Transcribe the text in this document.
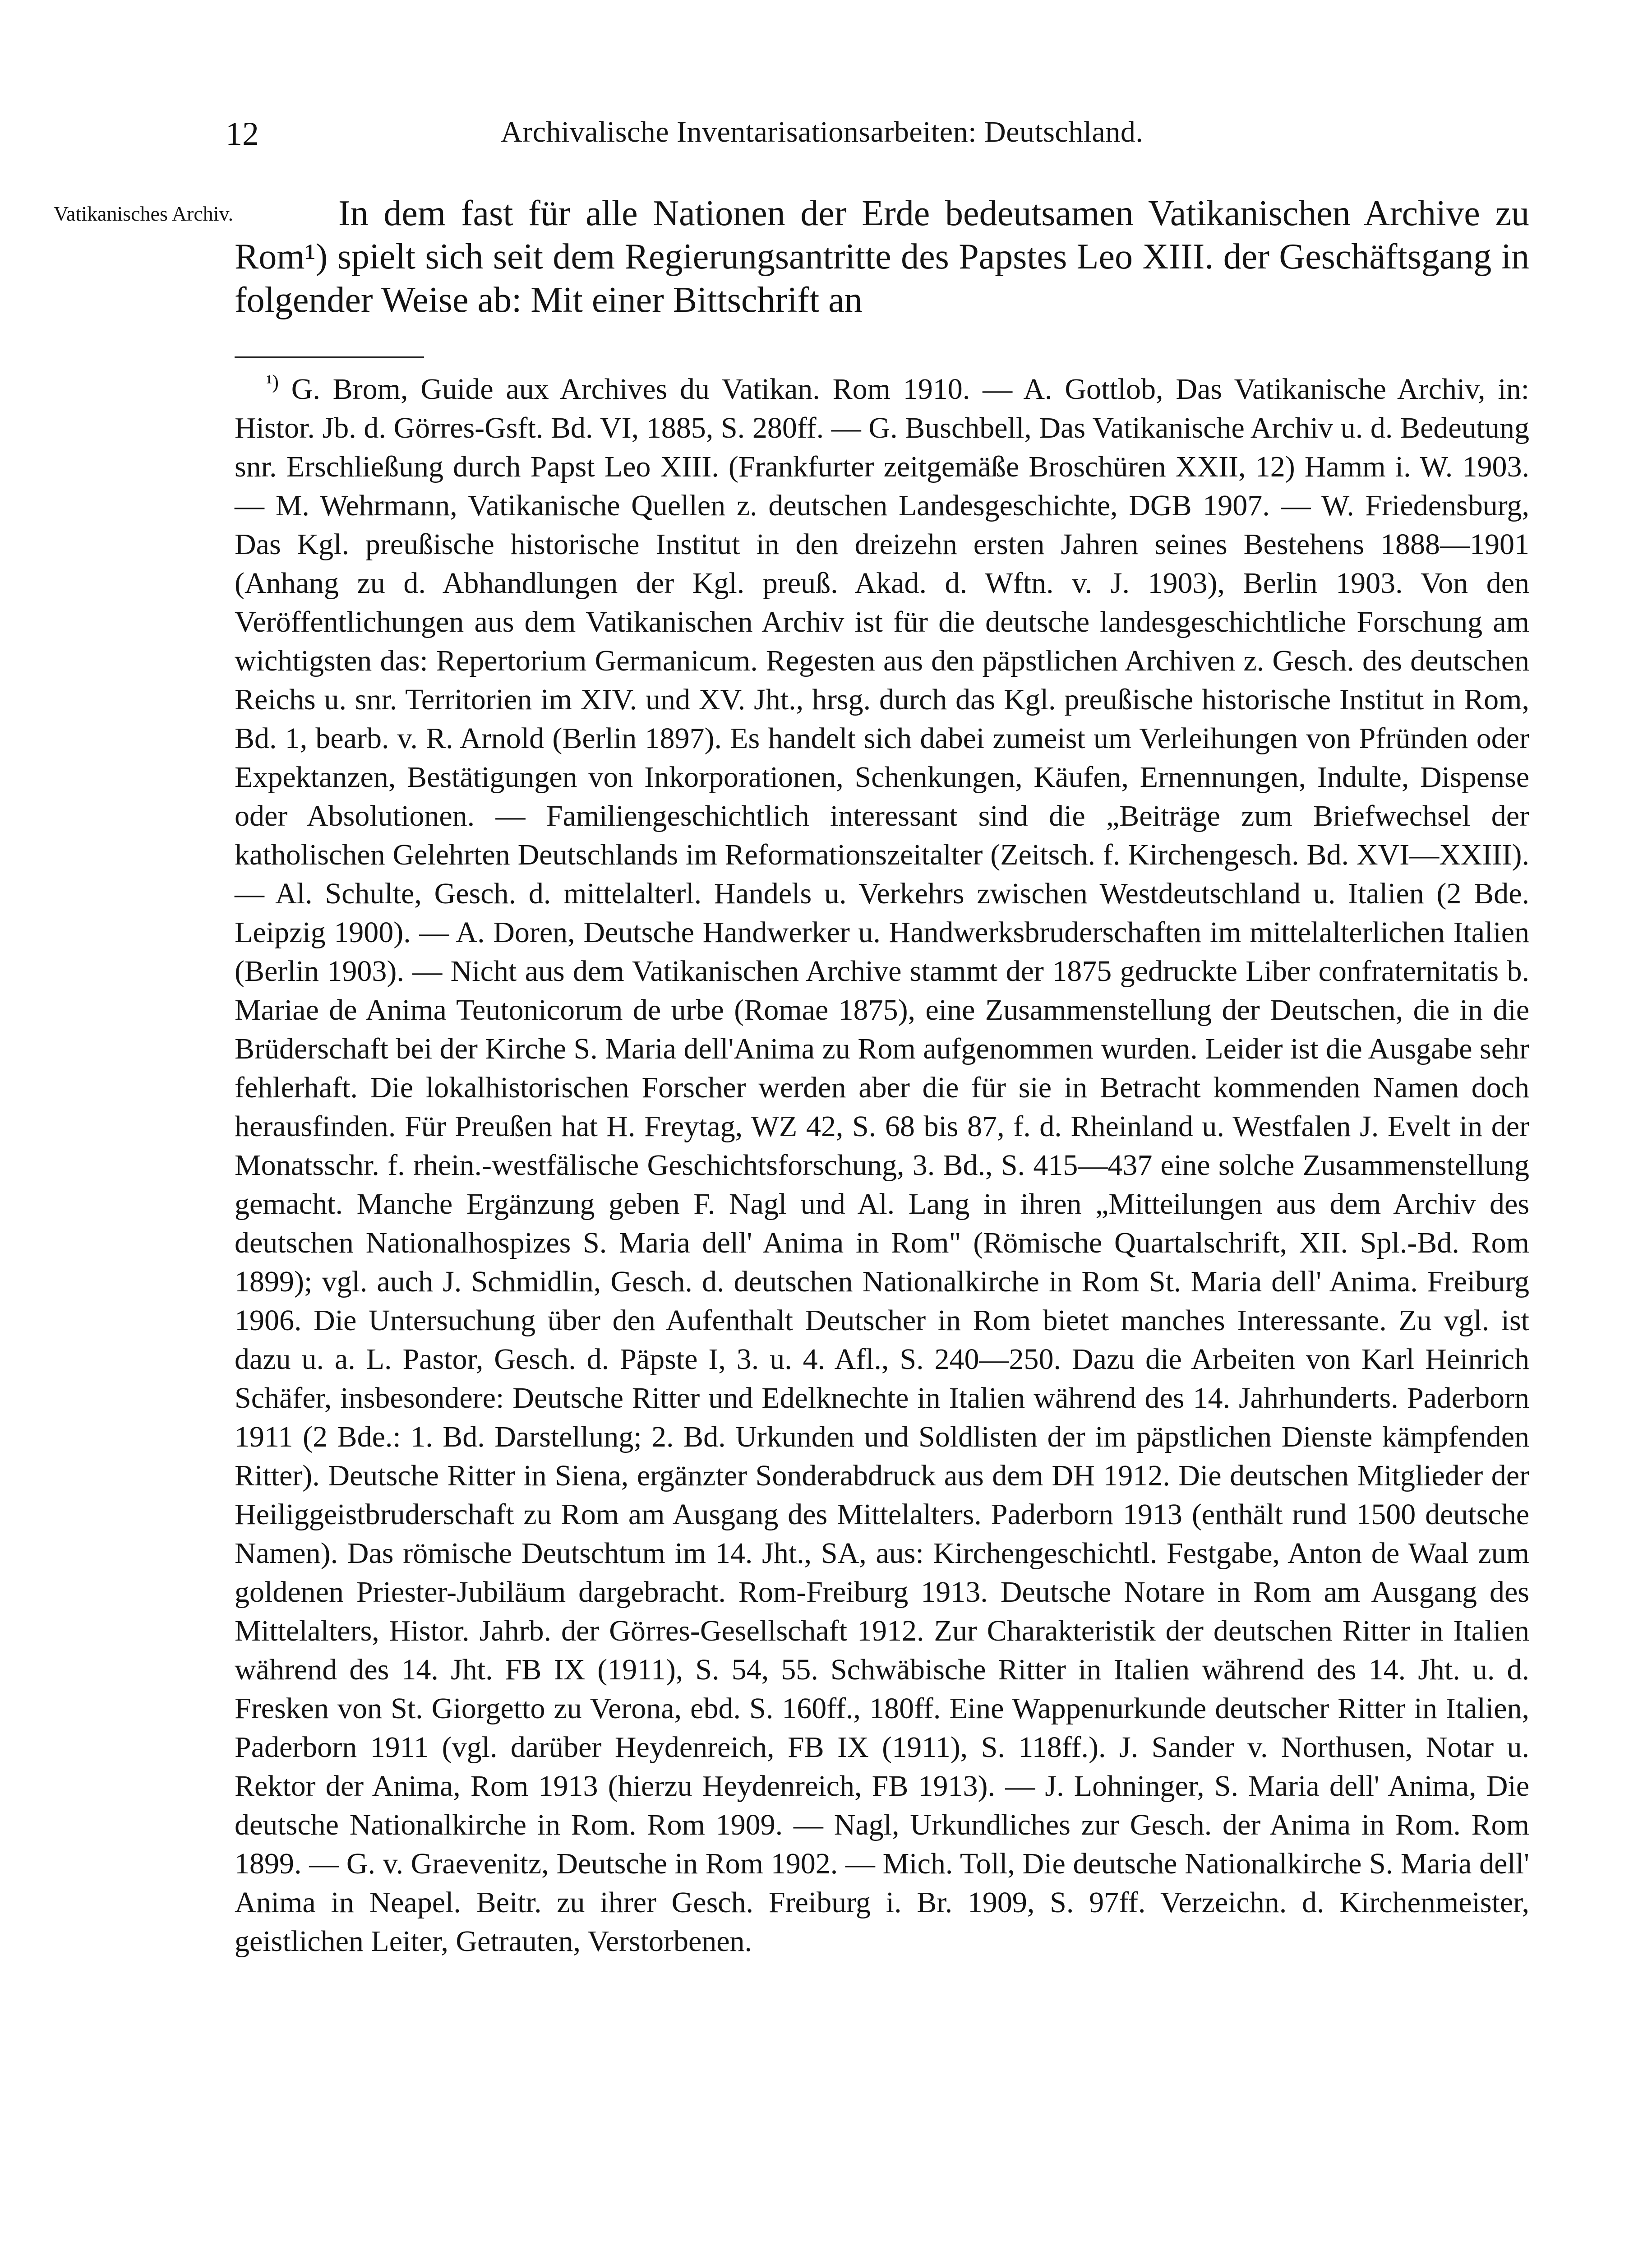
12	Archivalische Inventarisationsarbeiten: Deutschland.
Vatikanisches Archiv.	In dem fast für alle Nationen der Erde bedeutsamen Vatikanischen Archive zu Rom¹) spielt sich seit dem Regierungsantritte des Papstes Leo XIII. der Geschäftsgang in folgender Weise ab: Mit einer Bittschrift an
$^{^1)}$ G. Brom, Guide aux Archives du Vatikan. Rom 1910. — A. Gottlob, Das Vatikanische Archiv, in: Histor. Jb. d. Görres-Gsft. Bd. VI, 1885, S. 280ff. — G. Buschbell, Das Vatikanische Archiv u. d. Bedeutung snr. Erschließung durch Papst Leo XIII. (Frankfurter zeitgemäße Broschüren XXII, 12) Hamm i. W. 1903. — M. Wehrmann, Vatikanische Quellen z. deutschen Landesgeschichte, DGB 1907. — W. Friedensburg, Das Kgl. preußische historische Institut in den dreizehn ersten Jahren seines Bestehens 1888—1901 (Anhang zu d. Abhandlungen der Kgl. preuß. Akad. d. Wftn. v. J. 1903), Berlin 1903. Von den Veröffentlichungen aus dem Vatikanischen Archiv ist für die deutsche landesgeschichtliche Forschung am wichtigsten das: Repertorium Germanicum. Regesten aus den päpstlichen Archiven z. Gesch. des deutschen Reichs u. snr. Territorien im XIV. und XV. Jht., hrsg. durch das Kgl. preußische historische Institut in Rom, Bd. 1, bearb. v. R. Arnold (Berlin 1897). Es handelt sich dabei zumeist um Verleihungen von Pfründen oder Expektanzen, Bestätigungen von Inkorporationen, Schenkungen, Käufen, Ernennungen, Indulte, Dispense oder Absolutionen. — Familiengeschichtlich interessant sind die „Beiträge zum Briefwechsel der katholischen Gelehrten Deutschlands im Reformationszeitalter (Zeitsch. f. Kirchengesch. Bd. XVI—XXIII). — Al. Schulte, Gesch. d. mittelalterl. Handels u. Verkehrs zwischen Westdeutschland u. Italien (2 Bde. Leipzig 1900). — A. Doren, Deutsche Handwerker u. Handwerksbruderschaften im mittelalterlichen Italien (Berlin 1903). — Nicht aus dem Vatikanischen Archive stammt der 1875 gedruckte Liber confraternitatis b. Mariae de Anima Teutonicorum de urbe (Romae 1875), eine Zusammenstellung der Deutschen, die in die Brüderschaft bei der Kirche S. Maria dell'Anima zu Rom aufgenommen wurden. Leider ist die Ausgabe sehr fehlerhaft. Die lokalhistorischen Forscher werden aber die für sie in Betracht kommenden Namen doch herausfinden. Für Preußen hat H. Freytag, WZ 42, S. 68 bis 87, f. d. Rheinland u. Westfalen J. Evelt in der Monatsschr. f. rhein.-westfälische Geschichtsforschung, 3. Bd., S. 415—437 eine solche Zusammenstellung gemacht. Manche Ergänzung geben F. Nagl und Al. Lang in ihren „Mitteilungen aus dem Archiv des deutschen Nationalhospizes S. Maria dell' Anima in Rom" (Römische Quartalschrift, XII. Spl.-Bd. Rom 1899); vgl. auch J. Schmidlin, Gesch. d. deutschen Nationalkirche in Rom St. Maria dell' Anima. Freiburg 1906. Die Untersuchung über den Aufenthalt Deutscher in Rom bietet manches Interessante. Zu vgl. ist dazu u. a. L. Pastor, Gesch. d. Päpste I, 3. u. 4. Afl., S. 240—250. Dazu die Arbeiten von Karl Heinrich Schäfer, insbesondere: Deutsche Ritter und Edelknechte in Italien während des 14. Jahrhunderts. Paderborn 1911 (2 Bde.: 1. Bd. Darstellung; 2. Bd. Urkunden und Soldlisten der im päpstlichen Dienste kämpfenden Ritter). Deutsche Ritter in Siena, ergänzter Sonderabdruck aus dem DH 1912. Die deutschen Mitglieder der Heiliggeistbruderschaft zu Rom am Ausgang des Mittelalters. Paderborn 1913 (enthält rund 1500 deutsche Namen). Das römische Deutschtum im 14. Jht., SA, aus: Kirchengeschichtl. Festgabe, Anton de Waal zum goldenen Priester-Jubiläum dargebracht. Rom-Freiburg 1913. Deutsche Notare in Rom am Ausgang des Mittelalters, Histor. Jahrb. der Görres-Gesellschaft 1912. Zur Charakteristik der deutschen Ritter in Italien während des 14. Jht. FB IX (1911), S. 54, 55. Schwäbische Ritter in Italien während des 14. Jht. u. d. Fresken von St. Giorgetto zu Verona, ebd. S. 160ff., 180ff. Eine Wappenurkunde deutscher Ritter in Italien, Paderborn 1911 (vgl. darüber Heydenreich, FB IX (1911), S. 118ff.). J. Sander v. Northusen, Notar u. Rektor der Anima, Rom 1913 (hierzu Heydenreich, FB 1913). — J. Lohninger, S. Maria dell' Anima, Die deutsche Nationalkirche in Rom. Rom 1909. — Nagl, Urkundliches zur Gesch. der Anima in Rom. Rom 1899. — G. v. Graevenitz, Deutsche in Rom 1902. — Mich. Toll, Die deutsche Nationalkirche S. Maria dell' Anima in Neapel. Beitr. zu ihrer Gesch. Freiburg i. Br. 1909, S. 97ff. Verzeichn. d. Kirchenmeister, geistlichen Leiter, Getrauten, Verstorbenen.
